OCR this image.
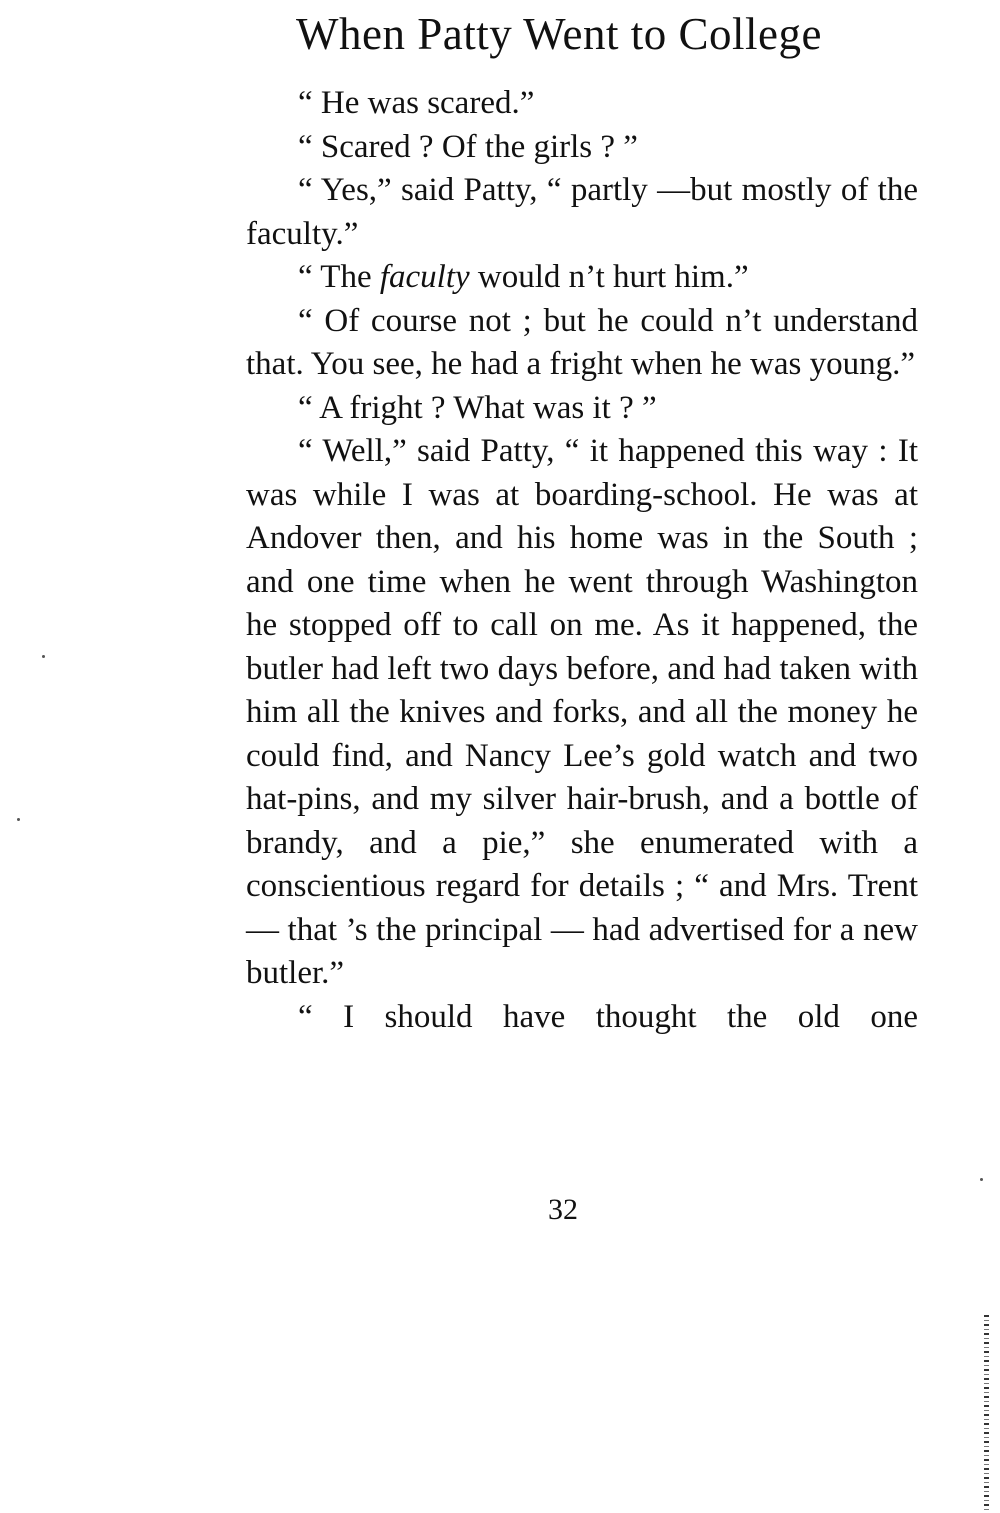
When Patty Went to College

“ He was scared.”

“ Scared ? Of the girls ? ”

“ Yes,” said Patty, “ partly —but mostly of the faculty.”

“ The faculty would n’t hurt him.”

“ Of course not ; but he could n’t understand that. You see, he had a fright when he was young.”

“ A fright ? What was it ? ”

“ Well,” said Patty, “ it happened this way : It was while I was at boarding-school. He was at Andover then, and his home was in the South ; and one time when he went through Washington he stopped off to call on me. As it happened, the butler had left two days before, and had taken with him all the knives and forks, and all the money he could find, and Nancy Lee’s gold watch and two hat-pins, and my silver hair-brush, and a bottle of brandy, and a pie,” she enumerated with a conscientious regard for details ; “ and Mrs. Trent — that ’s the principal — had advertised for a new butler.”

“ I should have thought the old one

32
